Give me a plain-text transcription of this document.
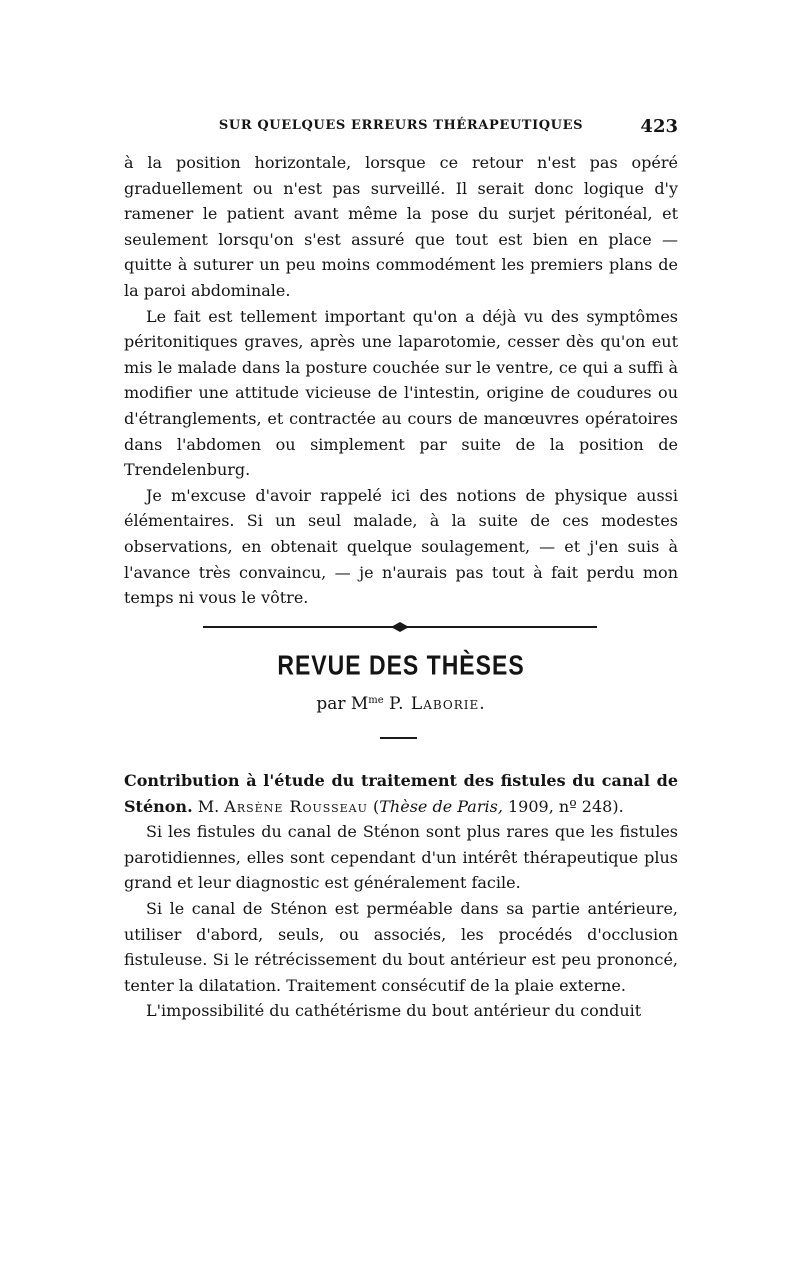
SUR QUELQUES ERREURS THÉRAPEUTIQUES	423

à la position horizontale, lorsque ce retour n'est pas opéré graduellement ou n'est pas surveillé. Il serait donc logique d'y ramener le patient avant même la pose du surjet péritonéal, et seulement lorsqu'on s'est assuré que tout est bien en place — quitte à suturer un peu moins commodément les premiers plans de la paroi abdominale.

Le fait est tellement important qu'on a déjà vu des symptômes péritonitiques graves, après une laparotomie, cesser dès qu'on eut mis le malade dans la posture couchée sur le ventre, ce qui a suffi à modifier une attitude vicieuse de l'intestin, origine de coudures ou d'étranglements, et contractée au cours de manœuvres opératoires dans l'abdomen ou simplement par suite de la position de Trendelenburg.

Je m'excuse d'avoir rappelé ici des notions de physique aussi élémentaires. Si un seul malade, à la suite de ces modestes observations, en obtenait quelque soulagement, — et j'en suis à l'avance très convaincu, — je n'aurais pas tout à fait perdu mon temps ni vous le vôtre.

REVUE DES THÈSES
par $M^{me}$ P. Laborie.

Contribution à l'étude du traitement des fistules du canal de Sténon. M. Arsène Rousseau (Thèse de Paris, 1909, nº 248).

Si les fistules du canal de Sténon sont plus rares que les fistules parotidiennes, elles sont cependant d'un intérêt thérapeutique plus grand et leur diagnostic est généralement facile.

Si le canal de Sténon est perméable dans sa partie antérieure, utiliser d'abord, seuls, ou associés, les procédés d'occlusion fistuleuse. Si le rétrécissement du bout antérieur est peu prononcé, tenter la dilatation. Traitement consécutif de la plaie externe.

L'impossibilité du cathétérisme du bout antérieur du conduit
